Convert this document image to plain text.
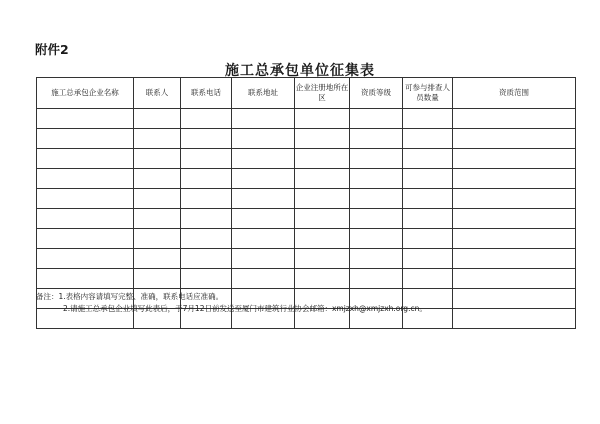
附件2
施工总承包单位征集表
施工总承包企业名称	联系人	联系电话	联系地址	企业注册地所在区	资质等级	可参与排查人员数量	资质范围

备注：1.表格内容请填写完整、准确，联系电话应准确。
2.请施工总承包企业填写此表后，于7月12日前发送至厦门市建筑行业协会邮箱：xmjzxh@xmjzxh.org.cn。
